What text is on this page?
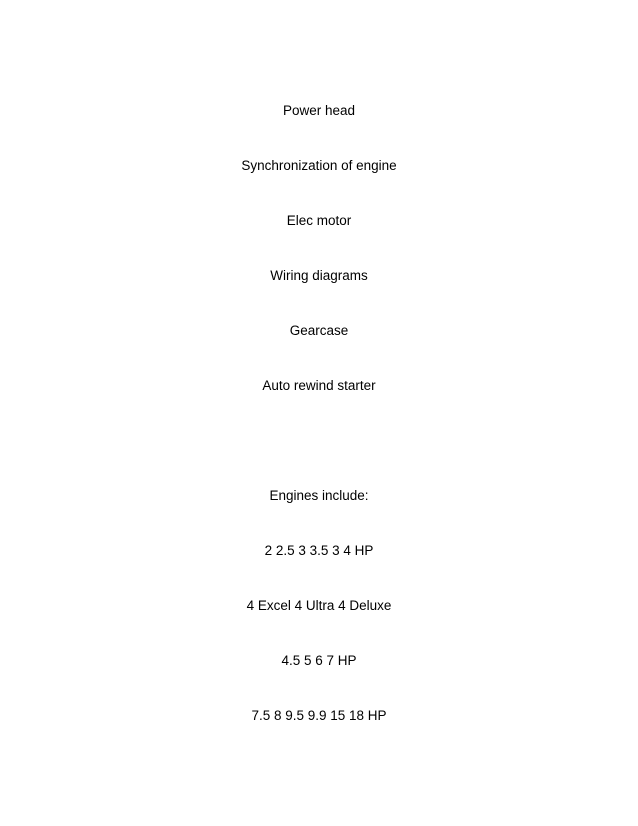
Power head
Synchronization of engine
Elec motor
Wiring diagrams
Gearcase
Auto rewind starter
Engines include:
2 2.5 3 3.5 3 4 HP
4 Excel 4 Ultra 4 Deluxe
4.5 5 6 7 HP
7.5 8 9.5 9.9 15 18 HP
